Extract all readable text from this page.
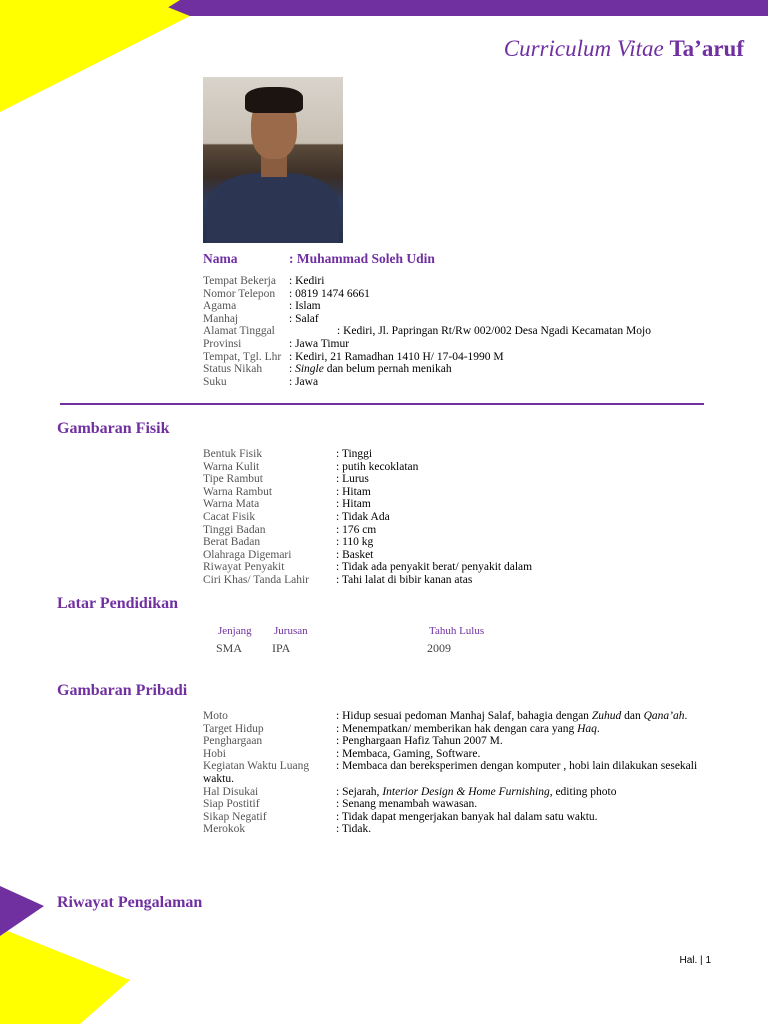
Curriculum Vitae Ta’aruf
Nama	: Muhammad Soleh Udin
Tempat Bekerja : Kediri
Nomor Telepon : 0819 1474 6661
Agama	: Islam
Manhaj	: Salaf
Alamat Tinggal	: Kediri, Jl. Papringan Rt/Rw 002/002 Desa Ngadi Kecamatan Mojo
Provinsi	: Jawa Timur
Tempat, Tgl. Lhr : Kediri, 21 Ramadhan 1410 H/ 17-04-1990 M
Status Nikah : Single dan belum pernah menikah
Suku	: Jawa
Gambaran Fisik
Bentuk Fisik	: Tinggi
Warna Kulit	: putih kecoklatan
Tipe Rambut	: Lurus
Warna Rambut	: Hitam
Warna Mata	: Hitam
Cacat Fisik	: Tidak Ada
Tinggi Badan	: 176 cm
Berat Badan	: 110 kg
Olahraga Digemari	: Basket
Riwayat Penyakit	: Tidak ada penyakit berat/ penyakit dalam
Ciri Khas/ Tanda Lahir : Tahi lalat di bibir kanan atas
Latar Pendidikan
Jenjang Jurusan	Tahuh Lulus
SMA IPA	2009
Gambaran Pribadi
Moto	: Hidup sesuai pedoman Manhaj Salaf, bahagia dengan Zuhud dan Qana’ah.
Target Hidup	: Menempatkan/ memberikan hak dengan cara yang Haq.
Penghargaan	: Penghargaan Hafiz Tahun 2007 M.
Hobi	: Membaca, Gaming, Software.
Kegiatan Waktu Luang : Membaca dan bereksperimen dengan komputer , hobi lain dilakukan sesekali
waktu.
Hal Disukai	: Sejarah, Interior Design & Home Furnishing, editing photo
Siap Postitif	: Senang menambah wawasan.
Sikap Negatif	: Tidak dapat mengerjakan banyak hal dalam satu waktu.
Merokok	: Tidak.
Riwayat Pengalaman
Hal. | 1
